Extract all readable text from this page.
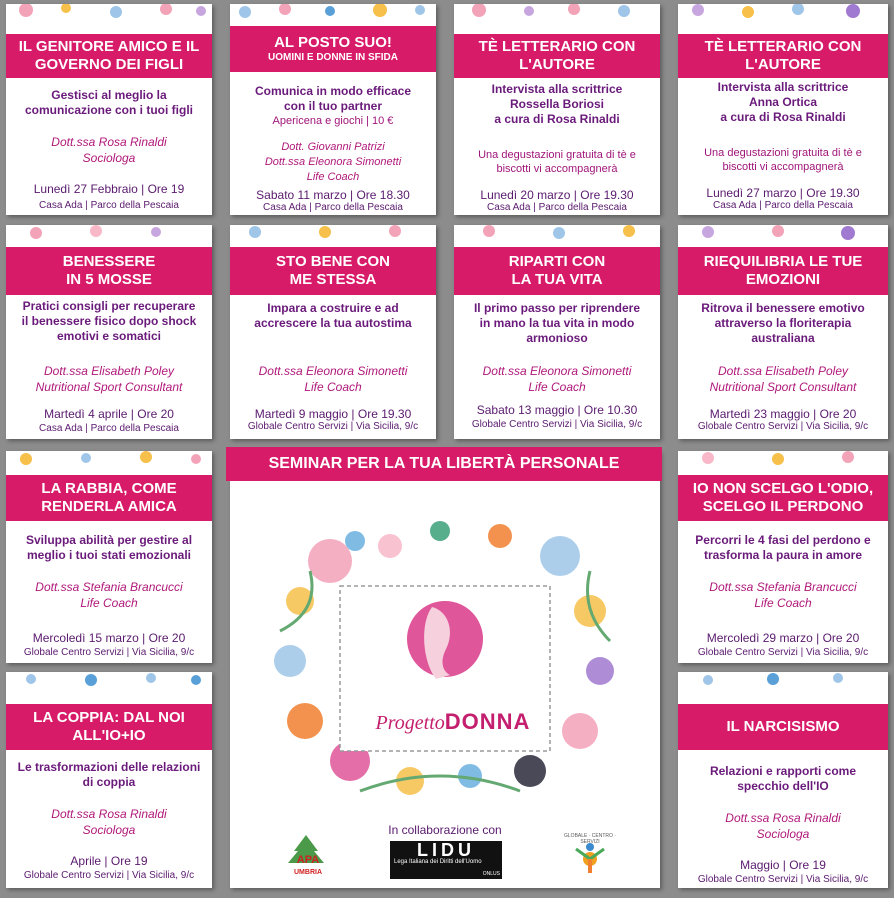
IL GENITORE AMICO E IL
GOVERNO DEI FIGLI
Gestisci al meglio la
comunicazione con i tuoi figli
Dott.ssa Rosa Rinaldi
Sociologa
Lunedì 27 Febbraio | Ore 19
Casa Ada | Parco della Pescaia
AL POSTO SUO!
UOMINI E DONNE IN SFIDA
Comunica in modo efficace
con il tuo partner
Apericena e giochi | 10 €
Dott. Giovanni Patrizi
Dott.ssa Eleonora Simonetti
Life Coach
Sabato 11 marzo | Ore 18.30
Casa Ada | Parco della Pescaia
TÈ LETTERARIO CON
L'AUTORE
Intervista alla scrittrice
Rossella Boriosi
a cura di Rosa Rinaldi
Una degustazioni gratuita di tè e
biscotti vi accompagnerà
Lunedì 20 marzo | Ore 19.30
Casa Ada | Parco della Pescaia
TÈ LETTERARIO CON
L'AUTORE
Intervista alla scrittrice
Anna Ortica
a cura di Rosa Rinaldi
Una degustazioni gratuita di tè e
biscotti vi accompagnerà
Lunedì 27 marzo | Ore 19.30
Casa Ada | Parco della Pescaia
BENESSERE
IN 5 MOSSE
Pratici consigli per recuperare
il benessere fisico dopo shock
emotivi e somatici
Dott.ssa Elisabeth Poley
Nutritional Sport Consultant
Martedì 4 aprile | Ore 20
Casa Ada | Parco della Pescaia
STO BENE CON
ME STESSA
Impara a costruire e ad
accrescere la tua autostima
Dott.ssa Eleonora Simonetti
Life Coach
Martedì 9 maggio | Ore 19.30
Globale Centro Servizi | Via Sicilia, 9/c
RIPARTI CON
LA TUA VITA
Il primo passo per riprendere
in mano la tua vita in modo
armonioso
Dott.ssa Eleonora Simonetti
Life Coach
Sabato 13 maggio | Ore 10.30
Globale Centro Servizi | Via Sicilia, 9/c
RIEQUILIBRIA LE TUE
EMOZIONI
Ritrova il benessere emotivo
attraverso la floriterapia
australiana
Dott.ssa Elisabeth Poley
Nutritional Sport Consultant
Martedì 23 maggio | Ore 20
Globale Centro Servizi | Via Sicilia, 9/c
LA RABBIA, COME
RENDERLA AMICA
Sviluppa abilità per gestire al
meglio i tuoi stati emozionali
Dott.ssa Stefania Brancucci
Life Coach
Mercoledì 15 marzo | Ore 20
Globale Centro Servizi | Via Sicilia, 9/c
IO NON SCELGO L'ODIO,
SCELGO IL PERDONO
Percorri le 4 fasi del perdono e
trasforma la paura in amore
Dott.ssa Stefania Brancucci
Life Coach
Mercoledì 29 marzo | Ore 20
Globale Centro Servizi | Via Sicilia, 9/c
LA COPPIA: DAL NOI
ALL'IO+IO
Le trasformazioni delle relazioni
di coppia
Dott.ssa Rosa Rinaldi
Sociologa
Aprile | Ore 19
Globale Centro Servizi | Via Sicilia, 9/c
IL NARCISISMO
Relazioni e rapporti come
specchio dell'IO
Dott.ssa Rosa Rinaldi
Sociologa
Maggio | Ore 19
Globale Centro Servizi | Via Sicilia, 9/c
ProgettoDONNA
In collaborazione con
APA
UMBRIA
LIDU
Lega Italiana dei Diritti dell'Uomo
ONLUS
GLOBALE · CENTRO · SERVIZI
SEMINAR PER LA TUA LIBERTÀ PERSONALE
